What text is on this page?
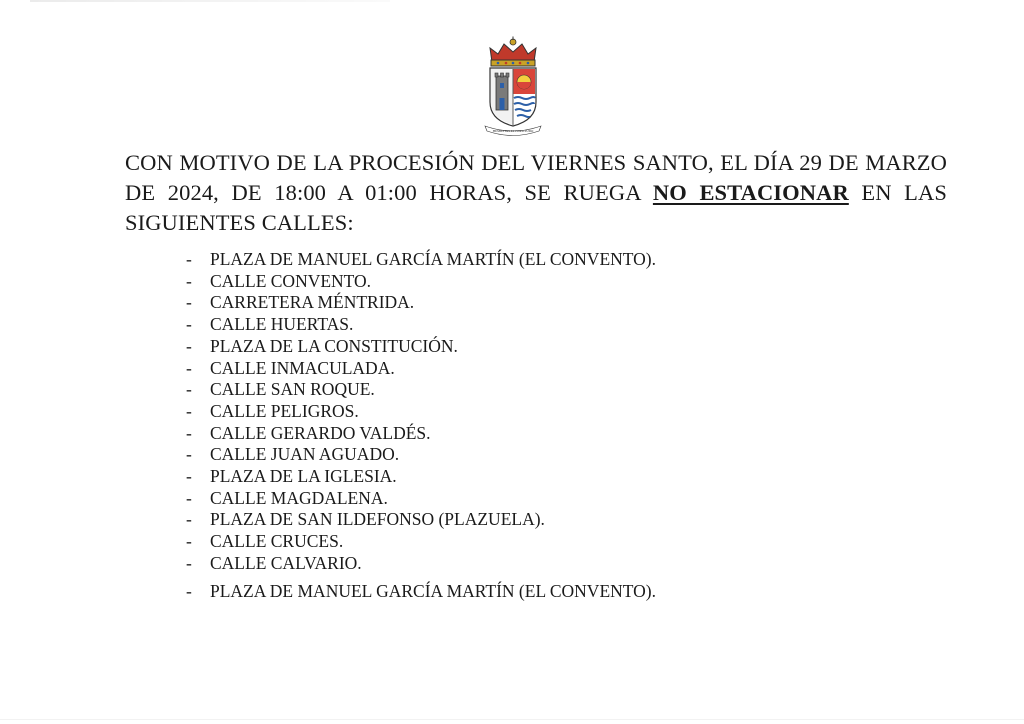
HUMILITAS ET FORTITUDO

CON MOTIVO DE LA PROCESIÓN DEL VIERNES SANTO, EL DÍA 29 DE MARZO DE 2024, DE 18:00 A 01:00 HORAS, SE RUEGA NO ESTACIONAR EN LAS SIGUIENTES CALLES:

-	PLAZA DE MANUEL GARCÍA MARTÍN (EL CONVENTO).
-	CALLE CONVENTO.
-	CARRETERA MÉNTRIDA.
-	CALLE HUERTAS.
-	PLAZA DE LA CONSTITUCIÓN.
-	CALLE INMACULADA.
-	CALLE SAN ROQUE.
-	CALLE PELIGROS.
-	CALLE GERARDO VALDÉS.
-	CALLE JUAN AGUADO.
-	PLAZA DE LA IGLESIA.
-	CALLE MAGDALENA.
-	PLAZA DE SAN ILDEFONSO (PLAZUELA).
-	CALLE CRUCES.
-	CALLE CALVARIO.
-	PLAZA DE MANUEL GARCÍA MARTÍN (EL CONVENTO).
